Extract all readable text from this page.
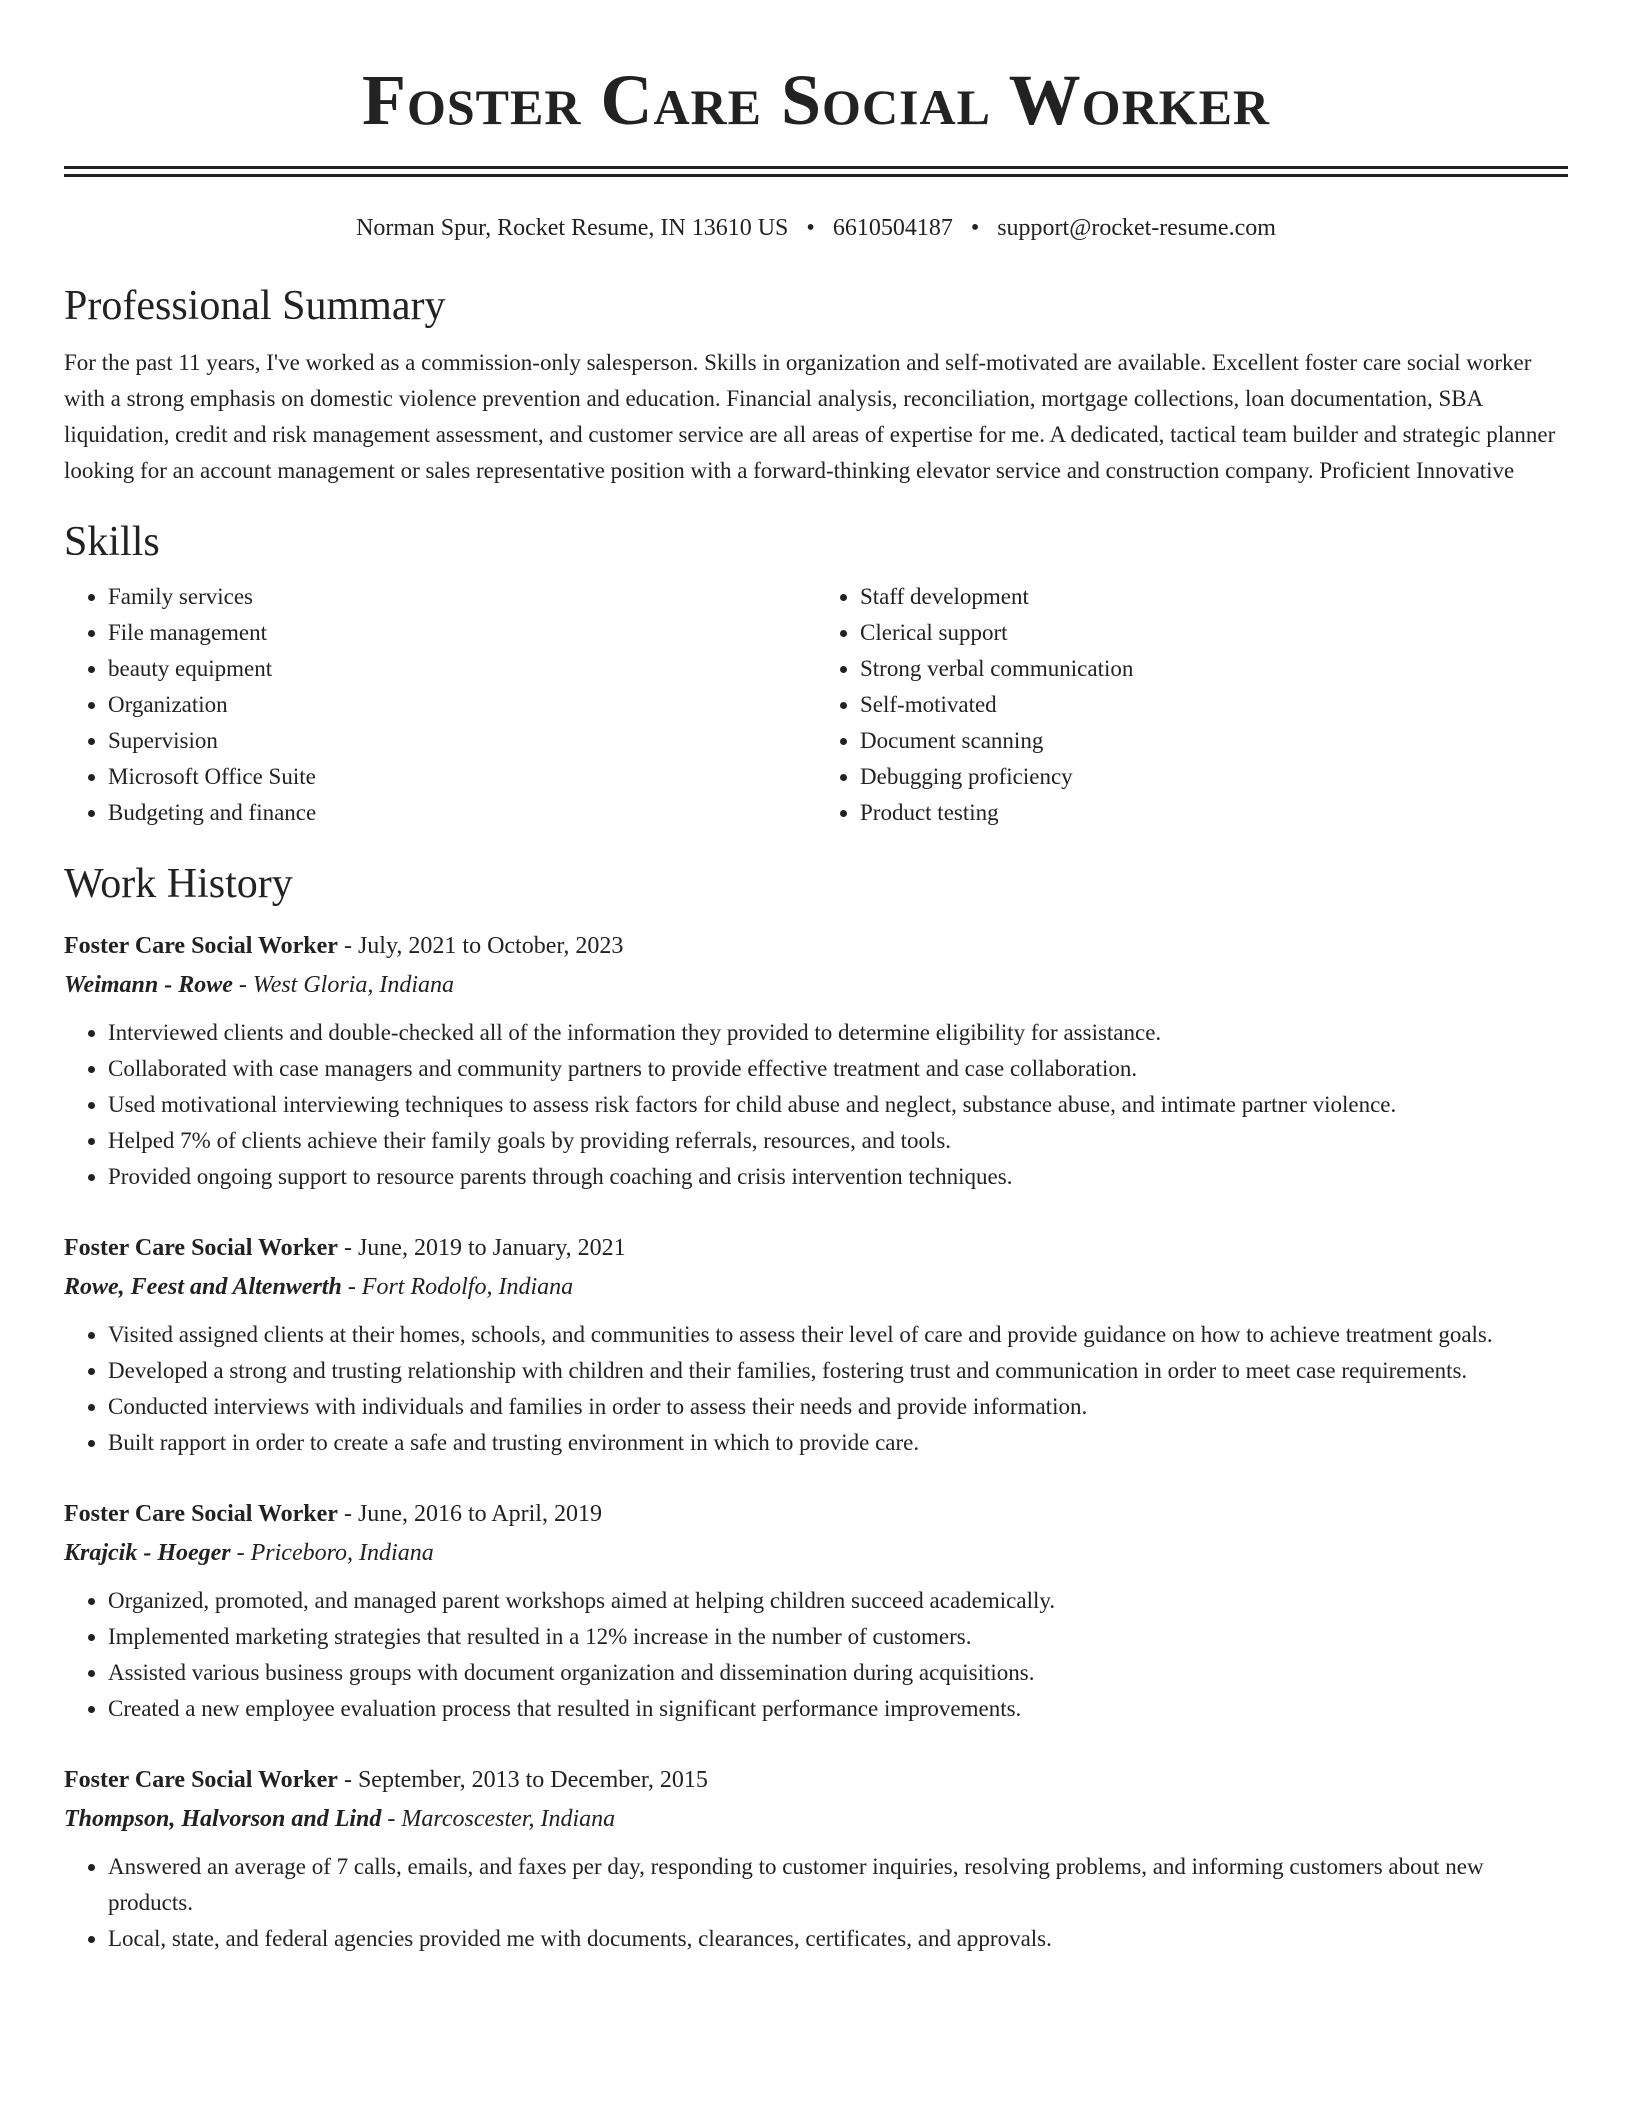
Foster Care Social Worker
Norman Spur, Rocket Resume, IN 13610 US • 6610504187 • support@rocket-resume.com
Professional Summary

For the past 11 years, I've worked as a commission-only salesperson. Skills in organization and self-motivated are available. Excellent foster care social worker with a strong emphasis on domestic violence prevention and education. Financial analysis, reconciliation, mortgage collections, loan documentation, SBA liquidation, credit and risk management assessment, and customer service are all areas of expertise for me. A dedicated, tactical team builder and strategic planner looking for an account management or sales representative position with a forward-thinking elevator service and construction company. Proficient Innovative

Skills
• Family services
• File management
• beauty equipment
• Organization
• Supervision
• Microsoft Office Suite
• Budgeting and finance
• Staff development
• Clerical support
• Strong verbal communication
• Self-motivated
• Document scanning
• Debugging proficiency
• Product testing
Work History
Foster Care Social Worker - July, 2021 to October, 2023
Weimann - Rowe - West Gloria, Indiana
• Interviewed clients and double-checked all of the information they provided to determine eligibility for assistance.
• Collaborated with case managers and community partners to provide effective treatment and case collaboration.
• Used motivational interviewing techniques to assess risk factors for child abuse and neglect, substance abuse, and intimate partner violence.
• Helped 7% of clients achieve their family goals by providing referrals, resources, and tools.
• Provided ongoing support to resource parents through coaching and crisis intervention techniques.
Foster Care Social Worker - June, 2019 to January, 2021
Rowe, Feest and Altenwerth - Fort Rodolfo, Indiana
• Visited assigned clients at their homes, schools, and communities to assess their level of care and provide guidance on how to achieve treatment goals.
• Developed a strong and trusting relationship with children and their families, fostering trust and communication in order to meet case requirements.
• Conducted interviews with individuals and families in order to assess their needs and provide information.
• Built rapport in order to create a safe and trusting environment in which to provide care.
Foster Care Social Worker - June, 2016 to April, 2019
Krajcik - Hoeger - Priceboro, Indiana
• Organized, promoted, and managed parent workshops aimed at helping children succeed academically.
• Implemented marketing strategies that resulted in a 12% increase in the number of customers.
• Assisted various business groups with document organization and dissemination during acquisitions.
• Created a new employee evaluation process that resulted in significant performance improvements.
Foster Care Social Worker - September, 2013 to December, 2015
Thompson, Halvorson and Lind - Marcoscester, Indiana
• Answered an average of 7 calls, emails, and faxes per day, responding to customer inquiries, resolving problems, and informing customers about new products.
• Local, state, and federal agencies provided me with documents, clearances, certificates, and approvals.
